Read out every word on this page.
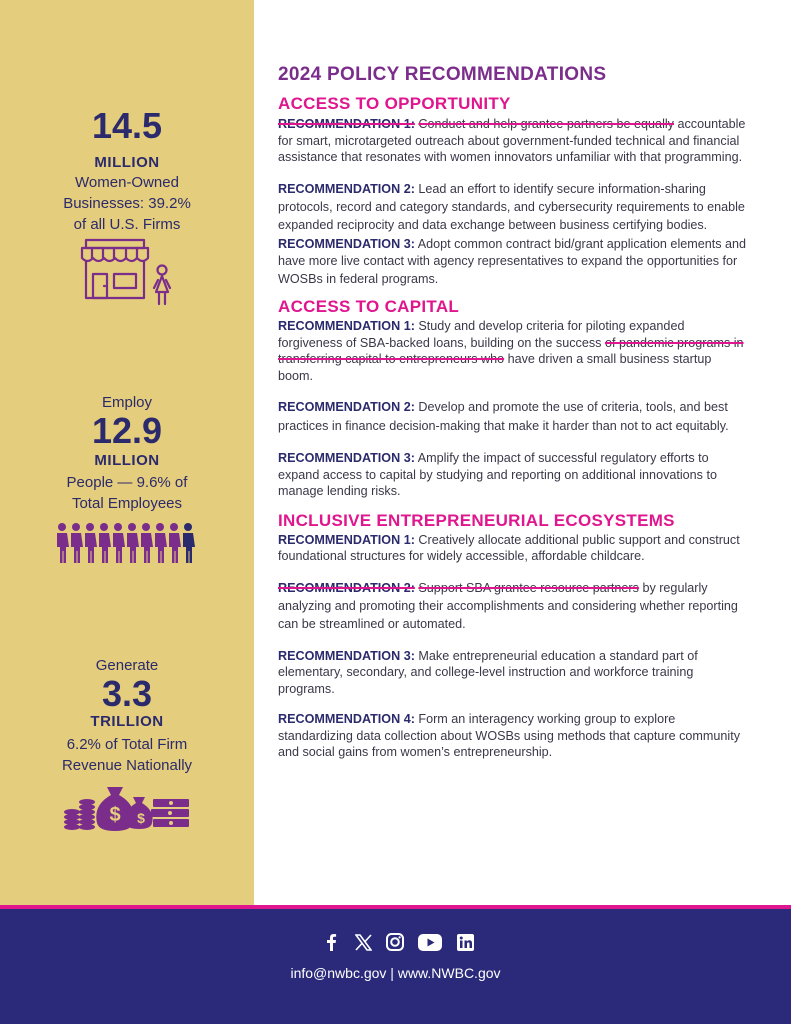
14.5
MILLION
Women-Owned
Businesses: 39.2%
of all U.S. Firms
Employ
12.9
MILLION
People — 9.6% of
Total Employees
Generate
3.3
TRILLION
6.2% of Total Firm
Revenue Nationally
$ $
2024 POLICY RECOMMENDATIONS
ACCESS TO OPPORTUNITY
RECOMMENDATION 1: Conduct and help grantee partners be equally accountable for smart, microtargeted outreach about government-funded technical and financial assistance that resonates with women innovators unfamiliar with that programming.
RECOMMENDATION 2: Lead an effort to identify secure information-sharing protocols, record and category standards, and cybersecurity requirements to enable expanded reciprocity and data exchange between business certifying bodies.
RECOMMENDATION 3: Adopt common contract bid/grant application elements and have more live contact with agency representatives to expand the opportunities for WOSBs in federal programs.
ACCESS TO CAPITAL
RECOMMENDATION 1: Study and develop criteria for piloting expanded forgiveness of SBA-backed loans, building on the success of pandemic programs in transferring capital to entrepreneurs who have driven a small business startup boom.
RECOMMENDATION 2: Develop and promote the use of criteria, tools, and best practices in finance decision-making that make it harder than not to act equitably.
RECOMMENDATION 3: Amplify the impact of successful regulatory efforts to expand access to capital by studying and reporting on additional innovations to manage lending risks.
INCLUSIVE ENTREPRENEURIAL ECOSYSTEMS
RECOMMENDATION 1: Creatively allocate additional public support and construct foundational structures for widely accessible, affordable childcare.
RECOMMENDATION 2: Support SBA grantee resource partners by regularly analyzing and promoting their accomplishments and considering whether reporting can be streamlined or automated.
RECOMMENDATION 3: Make entrepreneurial education a standard part of elementary, secondary, and college-level instruction and workforce training programs.
RECOMMENDATION 4: Form an interagency working group to explore standardizing data collection about WOSBs using methods that capture community and social gains from women’s entrepreneurship.
info@nwbc.gov | www.NWBC.gov
